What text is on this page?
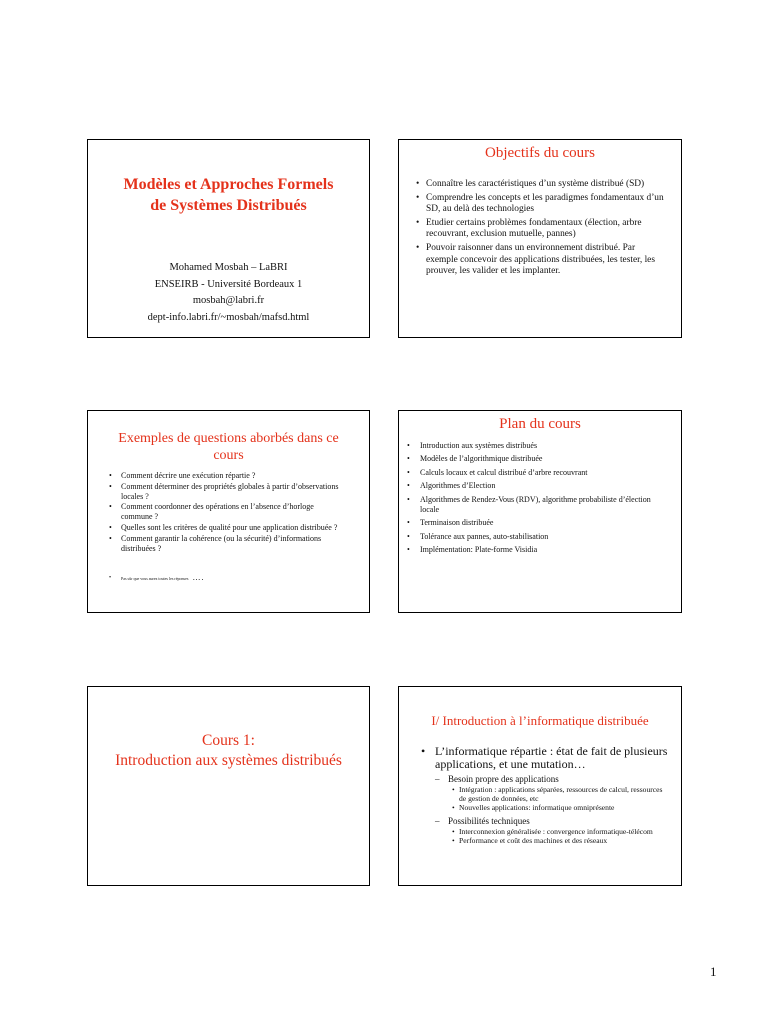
Modèles et Approches Formels
de Systèmes Distribués
Mohamed Mosbah – LaBRI
ENSEIRB - Université Bordeaux 1
mosbah@labri.fr
dept-info.labri.fr/~mosbah/mafsd.html
Objectifs du cours
• Connaître les caractéristiques d’un système distribué (SD)
• Comprendre les concepts et les paradigmes fondamentaux d’un SD, au delà des technologies
• Etudier certains problèmes fondamentaux (élection, arbre recouvrant, exclusion mutuelle, pannes)
• Pouvoir raisonner dans un environnement distribué. Par exemple concevoir des applications distribuées, les tester, les prouver, les valider et les implanter.
Exemples de questions aborbés dans ce cours
• Comment décrire une exécution répartie ?
• Comment déterminer des propriétés globales à partir d’observations locales ?
• Comment coordonner des opérations en l’absence d’horloge commune ?
• Quelles sont les critères de qualité pour une application distribuée ?
• Comment garantir la cohérence (ou la sécurité) d’informations distribuées ?
• Pas sûr que vous aurez toutes les réponses ….
Plan du cours
• Introduction aux systèmes distribués
• Modèles de l’algorithmique distribuée
• Calculs locaux et calcul distribué d’arbre recouvrant
• Algorithmes d’Election
• Algorithmes de Rendez-Vous (RDV), algorithme probabiliste d’élection locale
• Terminaison distribuée
• Tolérance aux pannes, auto-stabilisation
• Implémentation: Plate-forme Visidia
Cours 1:
Introduction aux systèmes distribués
I/ Introduction à l’informatique distribuée
• L’informatique répartie : état de fait de plusieurs applications, et une mutation…
– Besoin propre des applications
• Intégration : applications séparées, ressources de calcul, ressources de gestion de données, etc
• Nouvelles applications: informatique omniprésente
– Possibilités techniques
• Interconnexion généralisée : convergence informatique-télécom
• Performance et coût des machines et des réseaux
1
